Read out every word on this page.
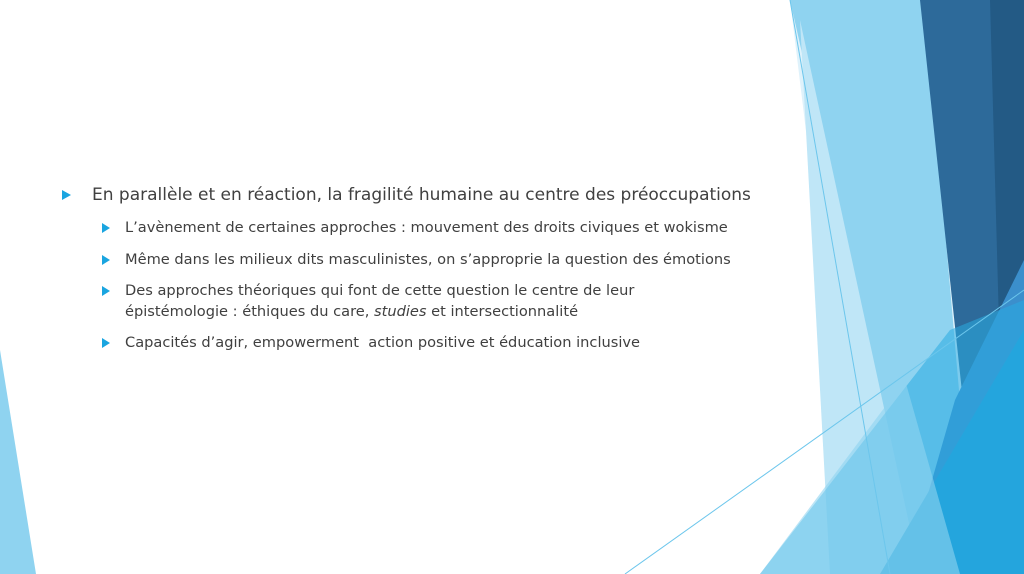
En parallèle et en réaction, la fragilité humaine au centre des préoccupations
L’avènement de certaines approches : mouvement des droits civiques et wokisme
Même dans les milieux dits masculinistes, on s’approprie la question des émotions
Des approches théoriques qui font de cette question le centre de leur
épistémologie : éthiques du care, studies et intersectionnalité
Capacités d’agir, empowerment  action positive et éducation inclusive
